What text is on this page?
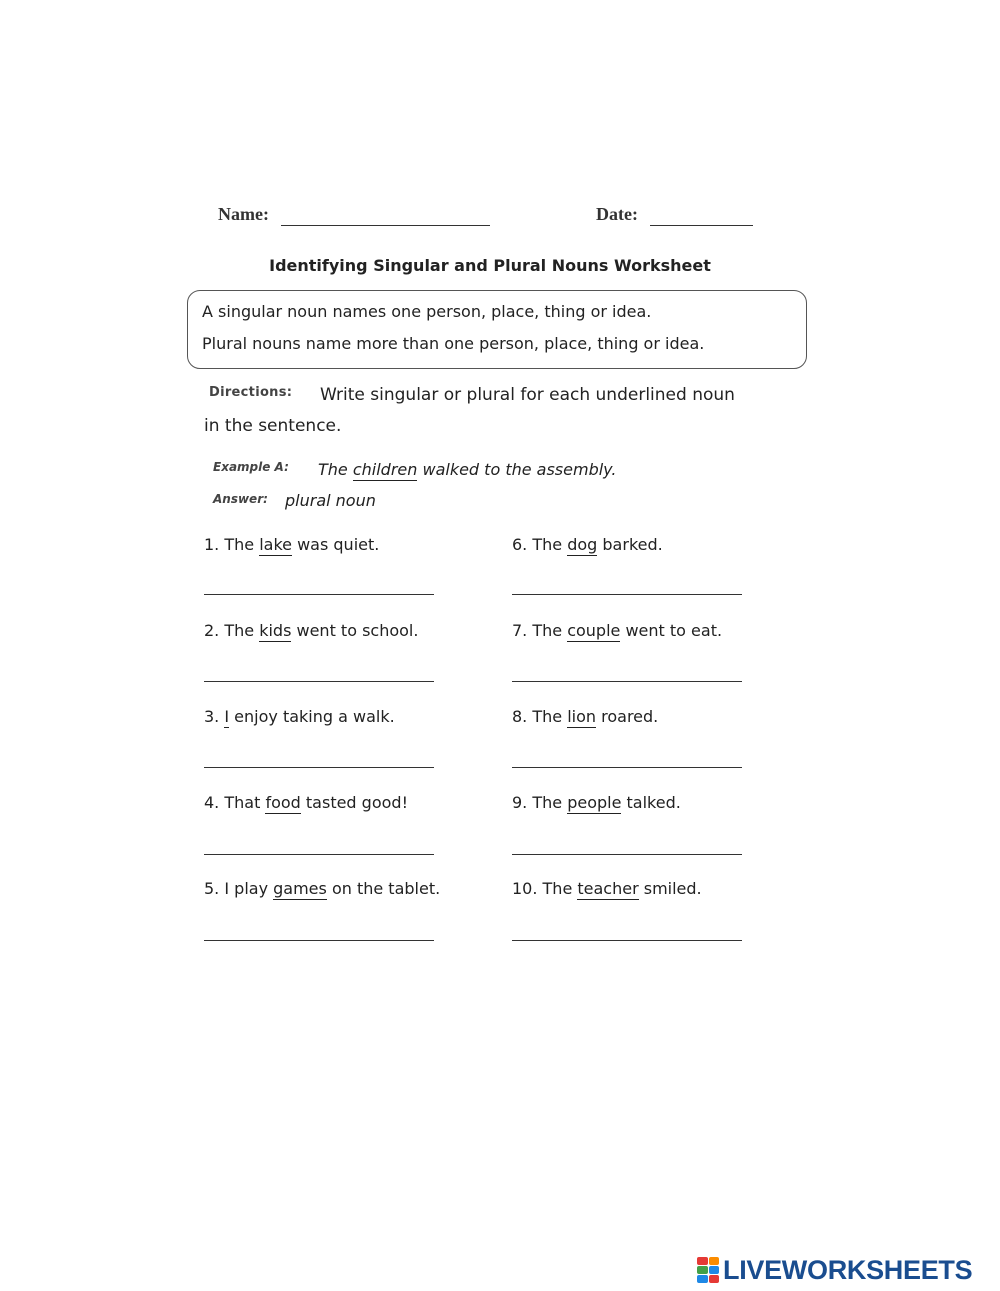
Name:	Date:
Identifying Singular and Plural Nouns Worksheet
A singular noun names one person, place, thing or idea.
Plural nouns name more than one person, place, thing or idea.
Directions: Write singular or plural for each underlined noun
in the sentence.
Example A: The children walked to the assembly.
Answer: plural noun
1. The lake was quiet.
2. The kids went to school.
3. I enjoy taking a walk.
4. That food tasted good!
5. I play games on the tablet.
6. The dog barked.
7. The couple went to eat.
8. The lion roared.
9. The people talked.
10. The teacher smiled.
LIVEWORKSHEETS
